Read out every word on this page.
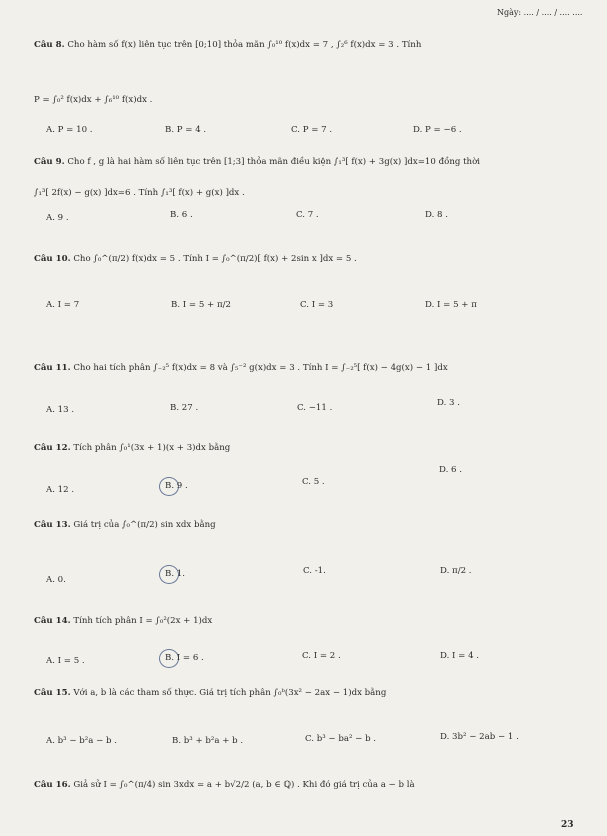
Ngày: .... / .... / .... ....
Câu 8. Cho hàm số f(x) liên tục trên [0;10] thỏa mãn ∫₀¹⁰ f(x)dx = 7 , ∫₂⁶ f(x)dx = 3 . Tính
P = ∫₀² f(x)dx + ∫₆¹⁰ f(x)dx .
A. P = 10 .	B. P = 4 .	C. P = 7 .	D. P = −6 .
Câu 9. Cho f , g là hai hàm số liên tục trên [1;3] thỏa mãn điều kiện ∫₁³[ f(x) + 3g(x) ]dx=10 đồng thời
∫₁³[ 2f(x) − g(x) ]dx=6 . Tính ∫₁³[ f(x) + g(x) ]dx .
A. 9 .	B. 6 .	C. 7 .	D. 8 .
Câu 10. Cho ∫₀^(π/2) f(x)dx = 5 . Tính I = ∫₀^(π/2)[ f(x) + 2sin x ]dx = 5 .
A. I = 7	B. I = 5 + π/2	C. I = 3	D. I = 5 + π
Câu 11. Cho hai tích phân ∫₋₂⁵ f(x)dx = 8 và ∫₅⁻² g(x)dx = 3 . Tính I = ∫₋₂⁵[ f(x) − 4g(x) − 1 ]dx
A. 13 .	B. 27 .	C. −11 .	D. 3 .
Câu 12. Tích phân ∫₀¹(3x + 1)(x + 3)dx bằng
A. 12 .	B. 9 .	C. 5 .
D. 6 .
Câu 13. Giá trị của ∫₀^(π/2) sin xdx bằng
A. 0.
B. 1.	C. -1.	D. π/2 .
Câu 14. Tính tích phân I = ∫₀²(2x + 1)dx
A. I = 5 .	B. I = 6 .	C. I = 2 .	D. I = 4 .
Câu 15. Với a, b là các tham số thực. Giá trị tích phân ∫₀ᵇ(3x² − 2ax − 1)dx bằng
A. b³ − b²a − b .	B. b³ + b²a + b .	C. b³ − ba² − b .	D. 3b² − 2ab − 1 .
Câu 16. Giả sử I = ∫₀^(π/4) sin 3xdx = a + b√2/2 (a, b ∈ ℚ) . Khi đó giá trị của a − b là
23
